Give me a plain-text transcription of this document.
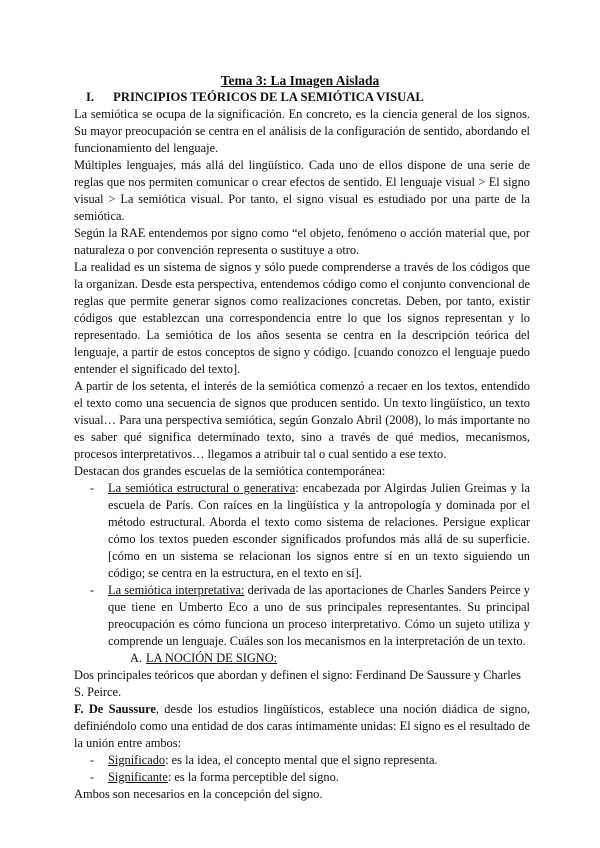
Tema 3: La Imagen Aislada
I. PRINCIPIOS TEÓRICOS DE LA SEMIÓTICA VISUAL

La semiótica se ocupa de la significación. En concreto, es la ciencia general de los signos. Su mayor preocupación se centra en el análisis de la configuración de sentido, abordando el funcionamiento del lenguaje.

Múltiples lenguajes, más allá del lingüístico. Cada uno de ellos dispone de una serie de reglas que nos permiten comunicar o crear efectos de sentido. El lenguaje visual > El signo visual > La semiótica visual. Por tanto, el signo visual es estudiado por una parte de la semiótica.

Según la RAE entendemos por signo como “el objeto, fenómeno o acción material que, por naturaleza o por convención representa o sustituye a otro.

La realidad es un sistema de signos y sólo puede comprenderse a través de los códigos que la organizan. Desde esta perspectiva, entendemos código como el conjunto convencional de reglas que permite generar signos como realizaciones concretas. Deben, por tanto, existir códigos que establezcan una correspondencia entre lo que los signos representan y lo representado. La semiótica de los años sesenta se centra en la descripción teórica del lenguaje, a partir de estos conceptos de signo y código. [cuando conozco el lenguaje puedo entender el significado del texto].

A partir de los setenta, el interés de la semiótica comenzó a recaer en los textos, entendido el texto como una secuencia de signos que producen sentido. Un texto lingüístico, un texto visual… Para una perspectiva semiótica, según Gonzalo Abril (2008), lo más importante no es saber qué significa determinado texto, sino a través de qué medios, mecanismos, procesos interpretativos… llegamos a atribuir tal o cual sentido a ese texto.

Destacan dos grandes escuelas de la semiótica contemporánea:

- La semiótica estructural o generativa: encabezada por Algirdas Julien Greimas y la escuela de París. Con raíces en la lingüística y la antropología y dominada por el método estructural. Aborda el texto como sistema de relaciones. Persigue explicar cómo los textos pueden esconder significados profundos más allá de su superficie. [cómo en un sistema se relacionan los signos entre sí en un texto siguiendo un código; se centra en la estructura, en el texto en sí].
- La semiótica interpretativa: derivada de las aportaciones de Charles Sanders Peirce y que tiene en Umberto Eco a uno de sus principales representantes. Su principal preocupación es cómo funciona un proceso interpretativo. Cómo un sujeto utiliza y comprende un lenguaje. Cuáles son los mecanismos en la interpretación de un texto.

A. LA NOCIÓN DE SIGNO:

Dos principales teóricos que abordan y definen el signo: Ferdinand De Saussure y Charles S. Peirce.

F. De Saussure, desde los estudios lingüísticos, establece una noción diádica de signo, definiéndolo como una entidad de dos caras íntimamente unidas: El signo es el resultado de la unión entre ambos:

- Significado: es la idea, el concepto mental que el signo representa.
- Significante: es la forma perceptible del signo.

Ambos son necesarios en la concepción del signo.
